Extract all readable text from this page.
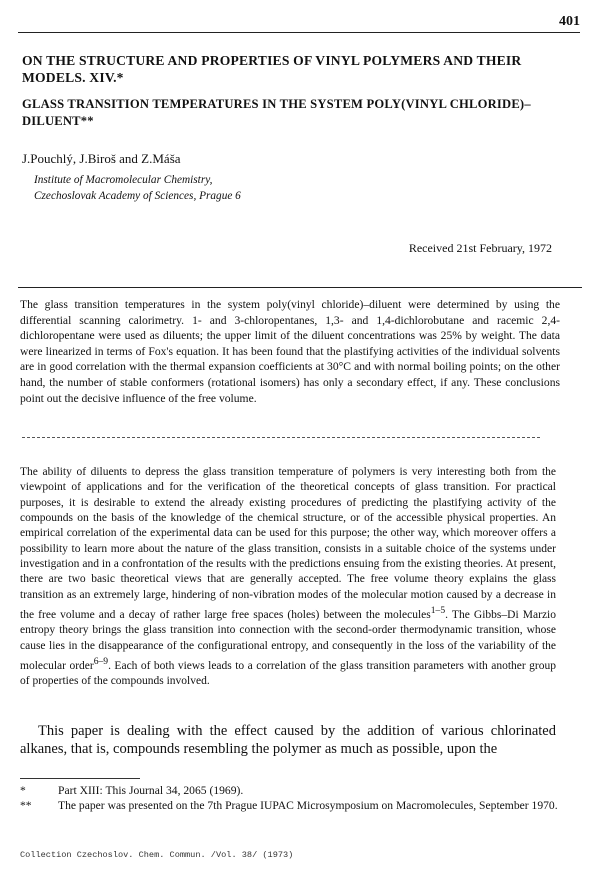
401
ON THE STRUCTURE AND PROPERTIES OF VINYL POLYMERS AND THEIR MODELS. XIV.*
GLASS TRANSITION TEMPERATURES IN THE SYSTEM POLY(VINYL CHLORIDE)–DILUENT**
J.Pouchlý, J.Biroš and Z.Máša
Institute of Macromolecular Chemistry,
Czechoslovak Academy of Sciences, Prague 6
Received 21st February, 1972

The glass transition temperatures in the system poly(vinyl chloride)–diluent were determined by using the differential scanning calorimetry. 1- and 3-chloropentanes, 1,3- and 1,4-dichlorobutane and racemic 2,4-dichloropentane were used as diluents; the upper limit of the diluent concentrations was 25% by weight. The data were linearized in terms of Fox's equation. It has been found that the plastifying activities of the individual solvents are in good correlation with the thermal expansion coefficients at 30°C and with normal boiling points; on the other hand, the number of stable conformers (rotational isomers) has only a secondary effect, if any. These conclusions point out the decisive influence of the free volume.

The ability of diluents to depress the glass transition temperature of polymers is very interesting both from the viewpoint of applications and for the verification of the theoretical concepts of glass transition. For practical purposes, it is desirable to extend the already existing procedures of predicting the plastifying activity of the compounds on the basis of the knowledge of the chemical structure, or of the accessible physical properties. An empirical correlation of the experimental data can be used for this purpose; the other way, which moreover offers a possibility to learn more about the nature of the glass transition, consists in a suitable choice of the systems under investigation and in a confrontation of the results with the predictions ensuing from the existing theories. At present, there are two basic theoretical views that are generally accepted. The free volume theory explains the glass transition as an extremely large, hindering of non-vibration modes of the molecular motion caused by a decrease in the free volume and a decay of rather large free spaces (holes) between the molecules$^{1-5}$. The Gibbs–Di Marzio entropy theory brings the glass transition into connection with the second-order thermodynamic transition, whose cause lies in the disappearance of the configurational entropy, and consequently in the loss of the variability of the molecular order$^{6-9}$. Each of both views leads to a correlation of the glass transition parameters with another group of properties of the compounds involved.

This paper is dealing with the effect caused by the addition of various chlorinated alkanes, that is, compounds resembling the polymer as much as possible, upon the

*	Part XIII: This Journal 34, 2065 (1969).

** The paper was presented on the 7th Prague IUPAC Microsymposium on Macromolecules, September 1970.

Collection Czechoslov. Chem. Commun. /Vol. 38/ (1973)
